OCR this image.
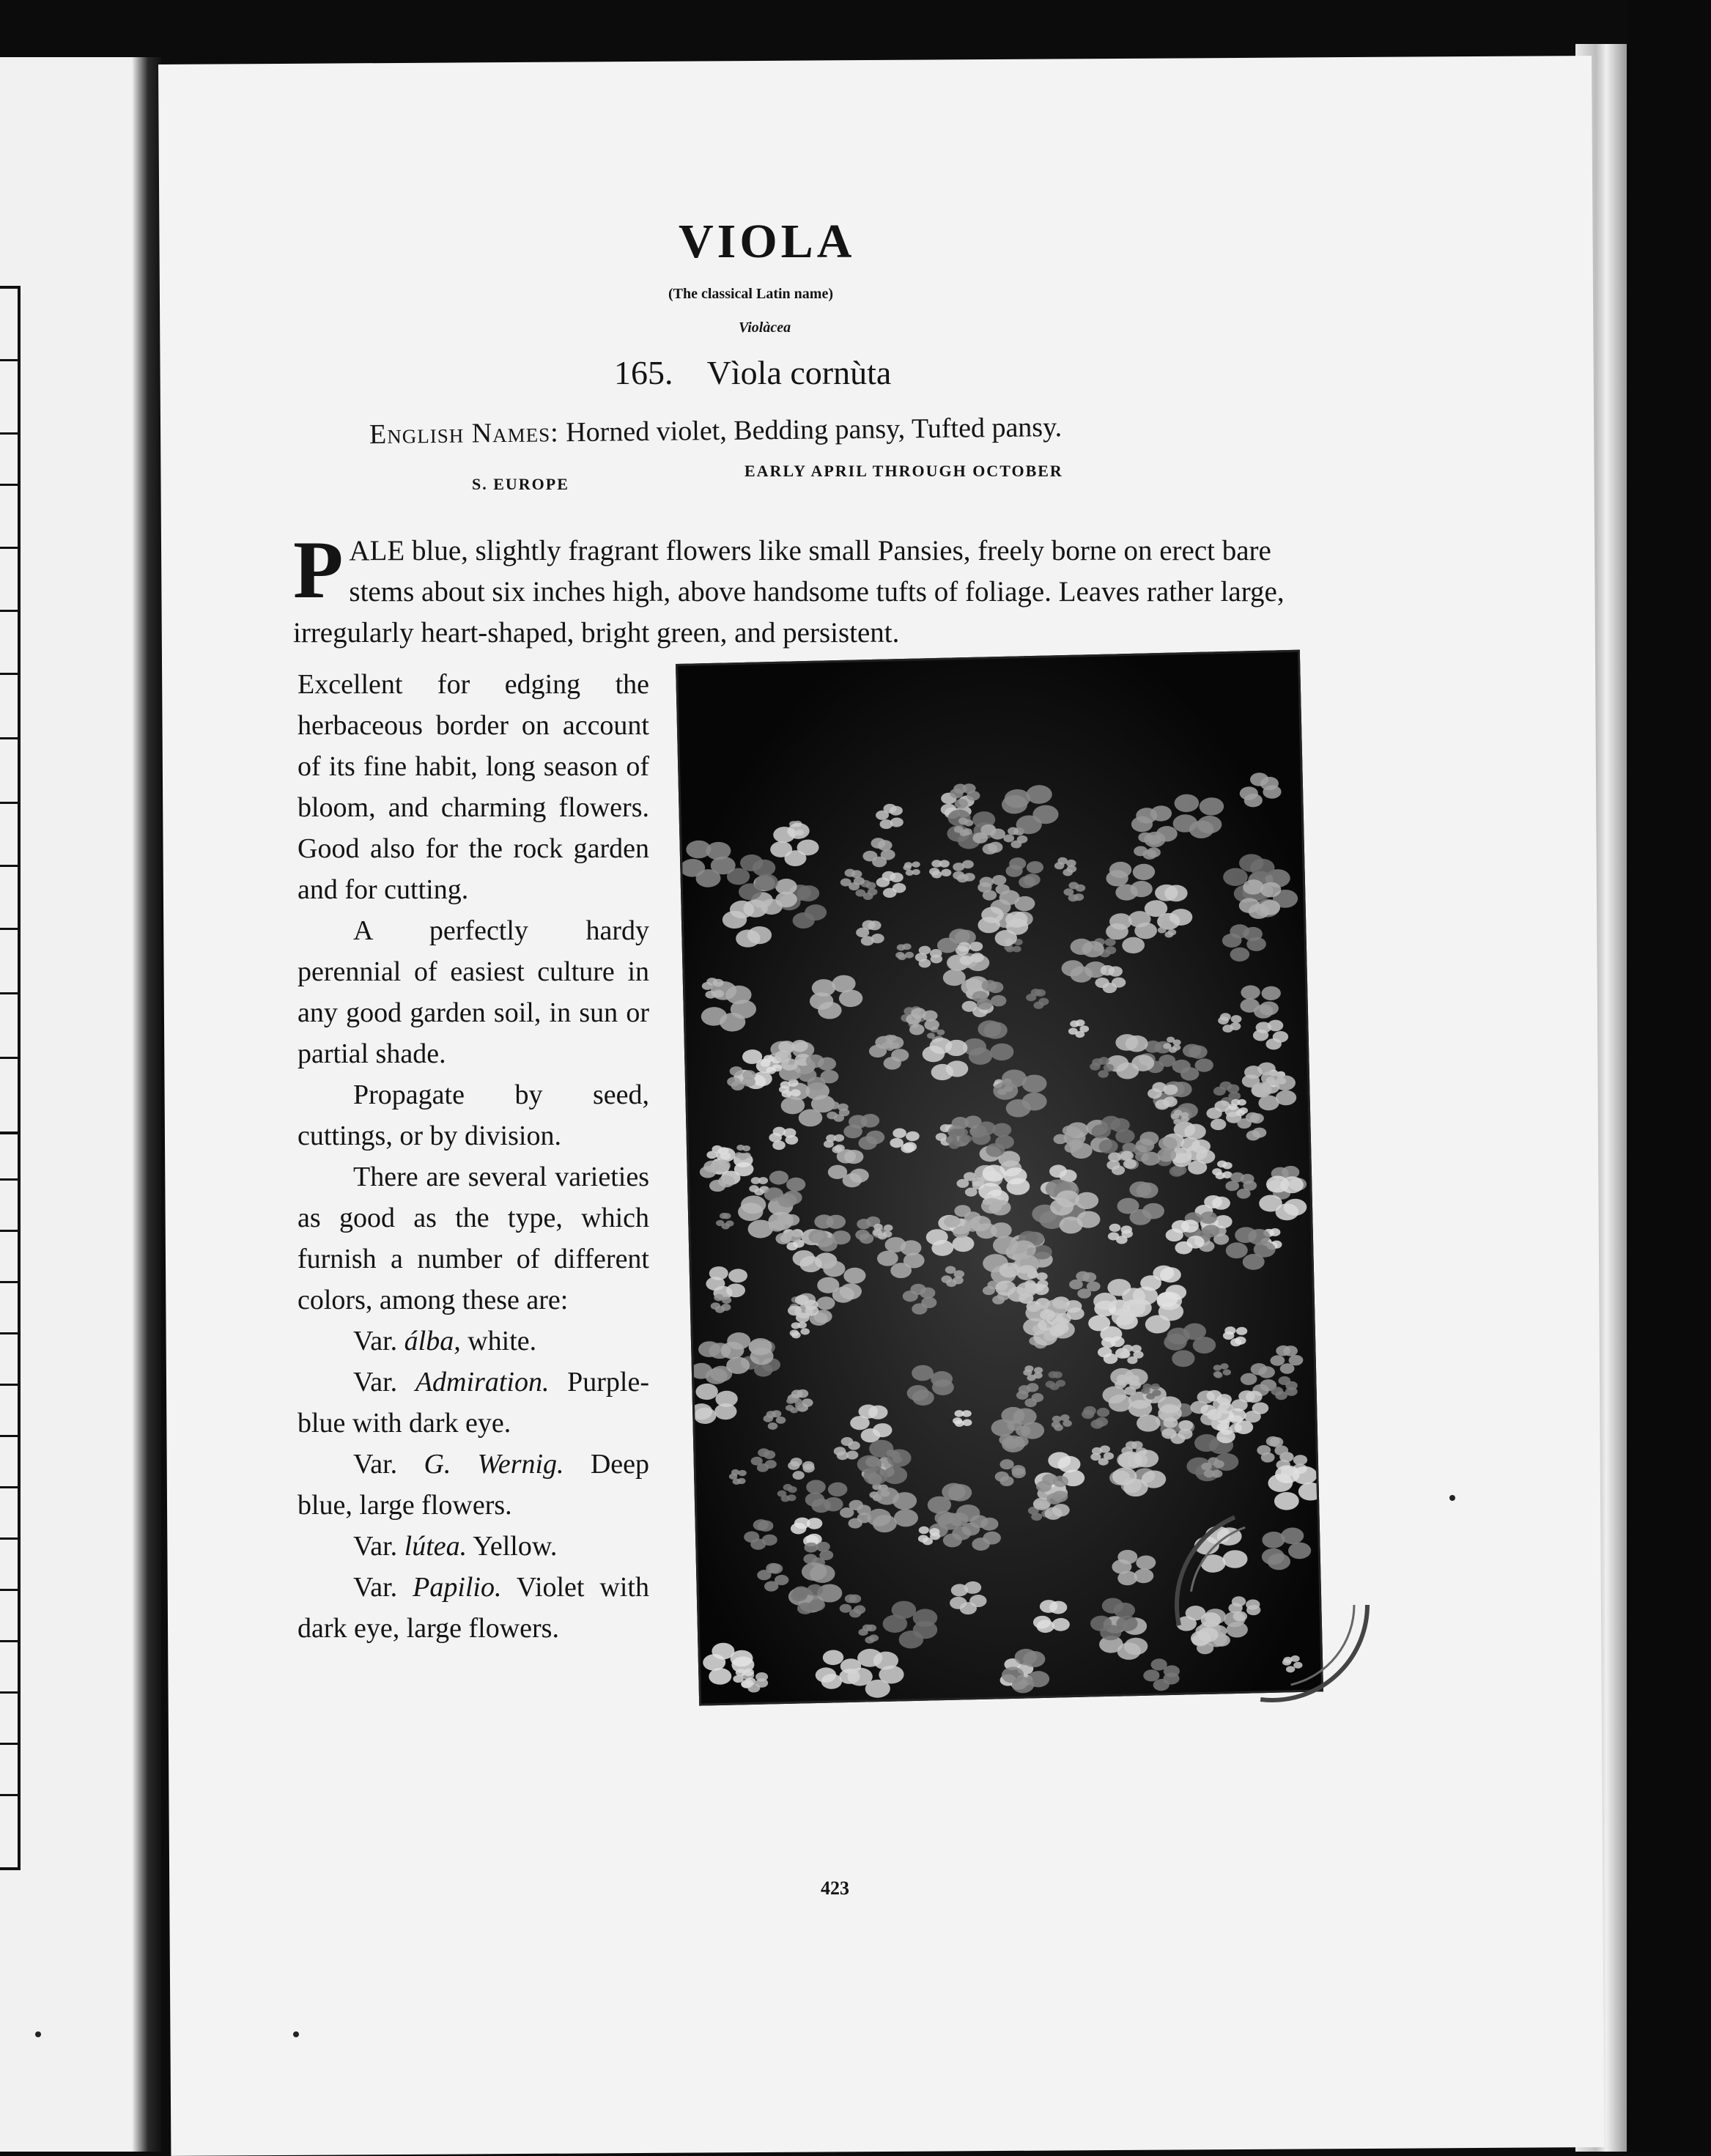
VIOLA
(The classical Latin name)
Violàcea
165. Vìola cornùta
English Names: Horned violet, Bedding pansy, Tufted pansy.
S. EUROPE
EARLY APRIL THROUGH OCTOBER
PALE blue, slightly fragrant flowers like small Pansies, freely borne on erect bare stems about six inches high, above handsome tufts of foliage. Leaves rather large, irregularly heart-shaped, bright green, and persistent.

Excellent for edging the herbaceous border on account of its fine habit, long season of bloom, and charming flowers. Good also for the rock garden and for cutting.

A perfectly hardy perennial of easiest culture in any good garden soil, in sun or partial shade.

Propagate by seed, cuttings, or by division.

There are several varieties as good as the type, which furnish a number of different colors, among these are:

Var. álba, white.
Var. Admiration. Purple-blue with dark eye.
Var. G. Wernig. Deep blue, large flowers.
Var. lútea. Yellow.
Var. Papilio. Violet with dark eye, large flowers.
423
